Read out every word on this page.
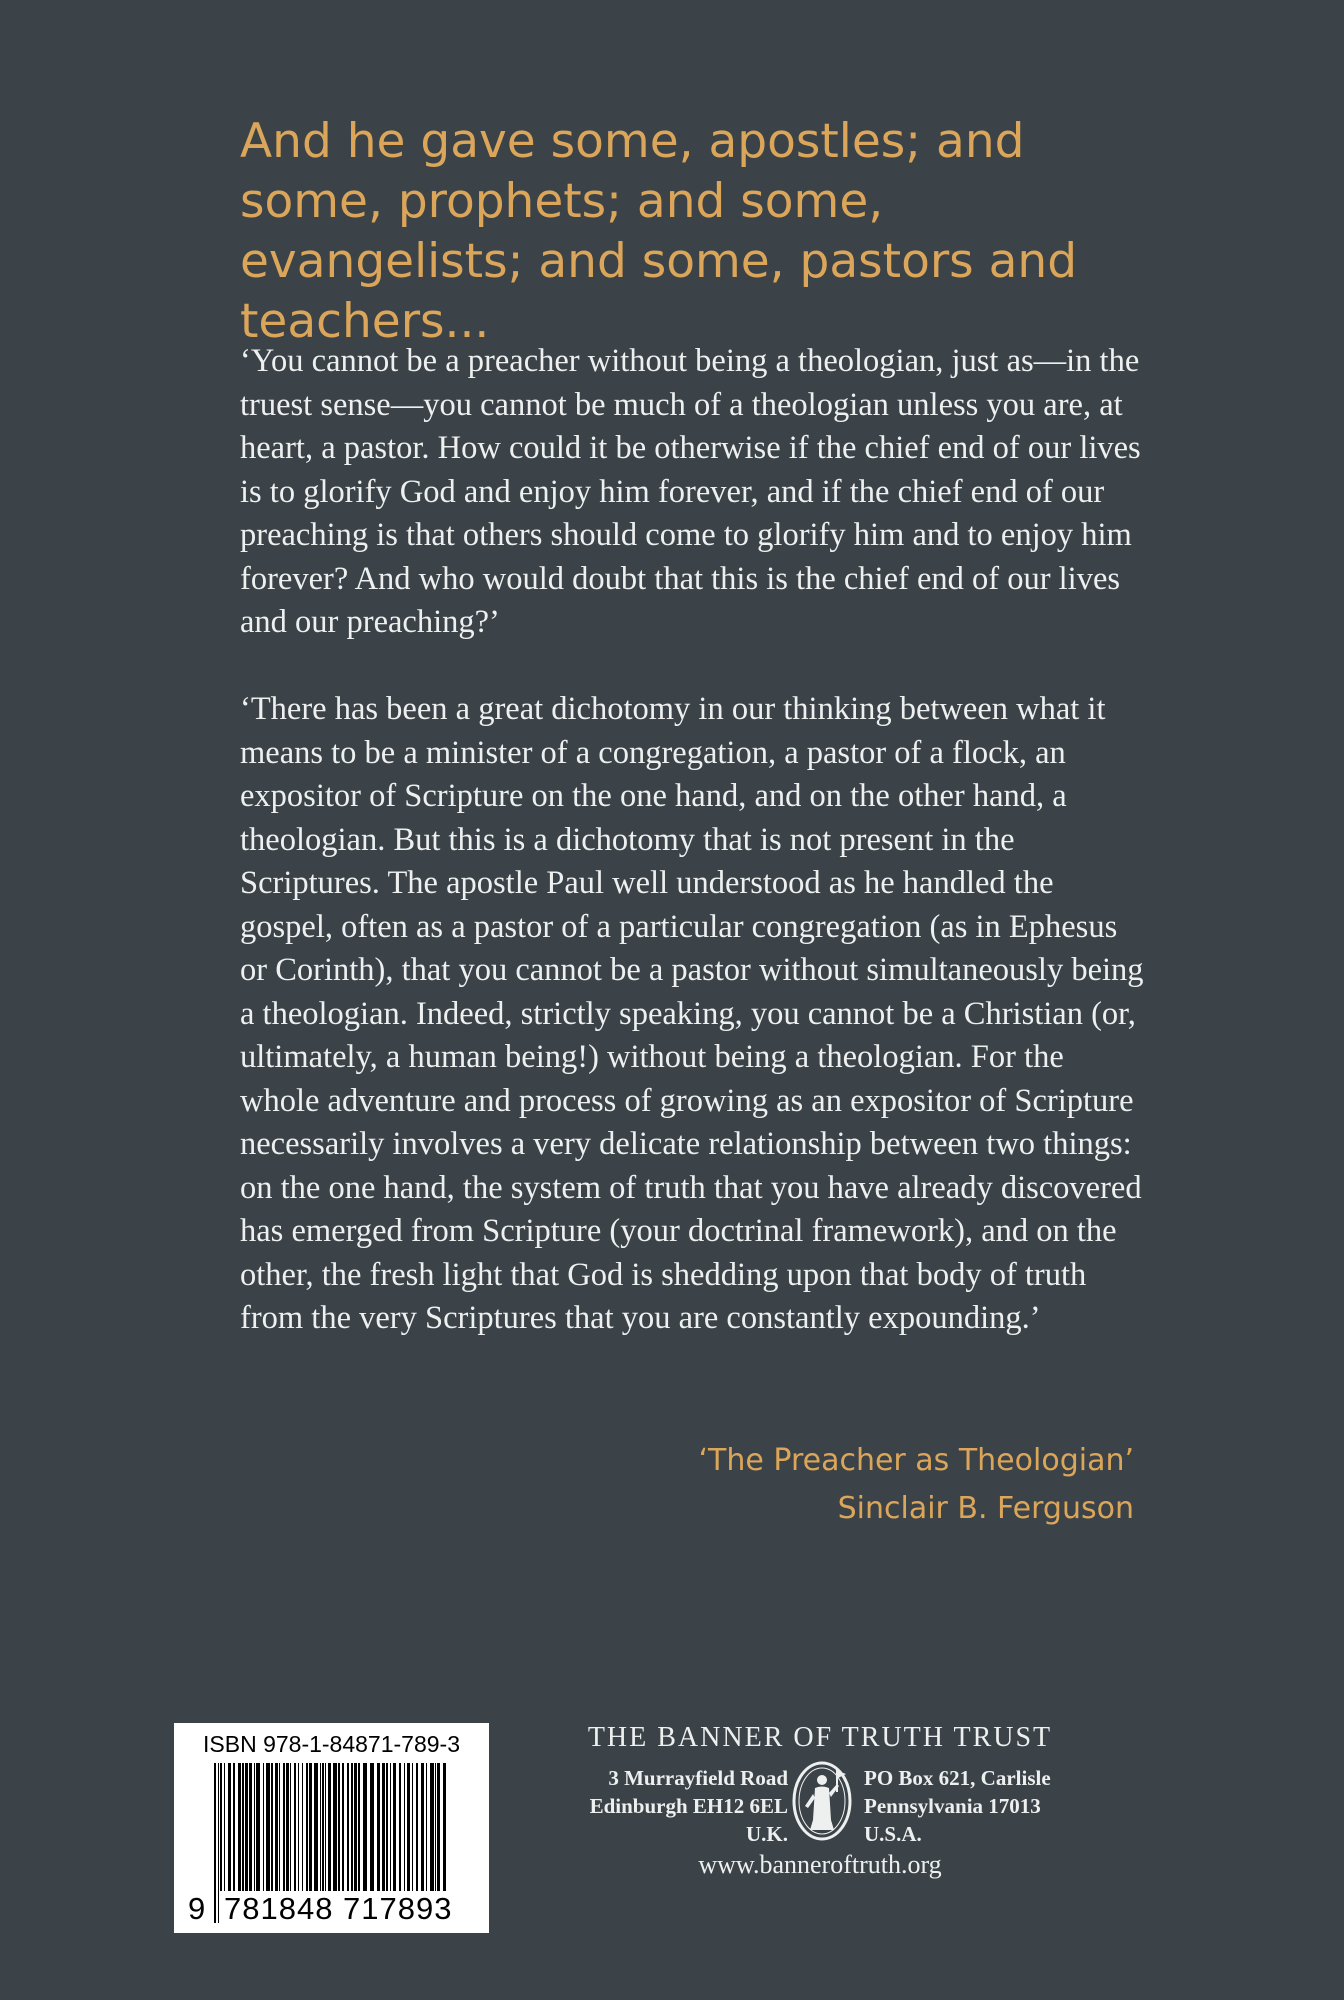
And he gave some, apostles; and some, prophets; and some, evangelists; and some, pastors and teachers...

‘You cannot be a preacher without being a theologian, just as—in the truest sense—you cannot be much of a theologian unless you are, at heart, a pastor. How could it be otherwise if the chief end of our lives is to glorify God and enjoy him forever, and if the chief end of our preaching is that others should come to glorify him and to enjoy him forever? And who would doubt that this is the chief end of our lives and our preaching?’

‘There has been a great dichotomy in our thinking between what it means to be a minister of a congregation, a pastor of a flock, an expositor of Scripture on the one hand, and on the other hand, a theologian. But this is a dichotomy that is not present in the Scriptures. The apostle Paul well understood as he handled the gospel, often as a pastor of a particular congregation (as in Ephesus or Corinth), that you cannot be a pastor without simultaneously being a theologian. Indeed, strictly speaking, you cannot be a Christian (or, ultimately, a human being!) without being a theologian. For the whole adventure and process of growing as an expositor of Scripture necessarily involves a very delicate relationship between two things: on the one hand, the system of truth that you have already discovered has emerged from Scripture (your doctrinal framework), and on the other, the fresh light that God is shedding upon that body of truth from the very Scriptures that you are constantly expounding.’

‘The Preacher as Theologian’
Sinclair B. Ferguson
ISBN 978-1-84871-789-3
9 781848 717893
THE BANNER OF TRUTH TRUST
3 Murrayfield Road
Edinburgh EH12 6EL
U.K.
PO Box 621, Carlisle
Pennsylvania 17013
U.S.A.
www.banneroftruth.org
